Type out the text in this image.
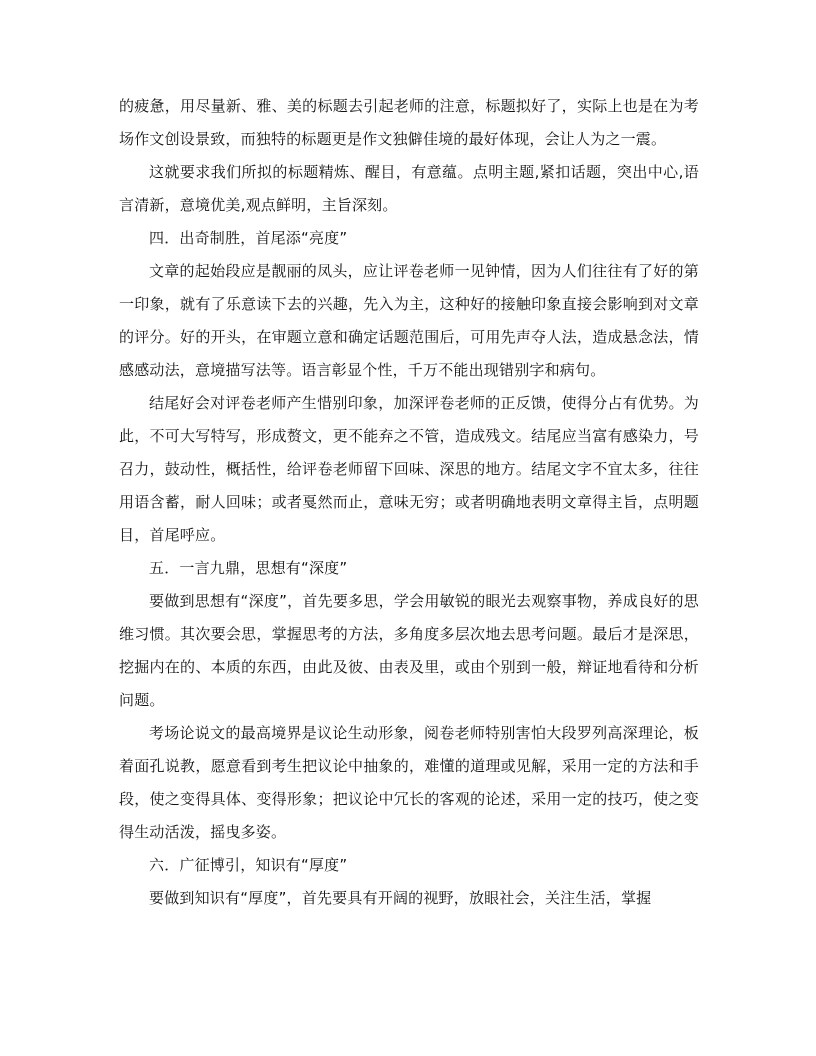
的疲惫，用尽量新、雅、美的标题去引起老师的注意，标题拟好了，实际上也是在为考场作文创设景致，而独特的标题更是作文独僻佳境的最好体现，会让人为之一震。

这就要求我们所拟的标题精炼、醒目，有意蕴。点明主题,紧扣话题，突出中心,语言清新，意境优美,观点鲜明，主旨深刻。

四．出奇制胜，首尾添“亮度”

文章的起始段应是靓丽的凤头，应让评卷老师一见钟情，因为人们往往有了好的第一印象，就有了乐意读下去的兴趣，先入为主，这种好的接触印象直接会影响到对文章的评分。好的开头，在审题立意和确定话题范围后，可用先声夺人法，造成悬念法，情感感动法，意境描写法等。语言彰显个性，千万不能出现错别字和病句。

结尾好会对评卷老师产生惜别印象，加深评卷老师的正反馈，使得分占有优势。为此，不可大写特写，形成赘文，更不能弃之不管，造成残文。结尾应当富有感染力，号召力，鼓动性，概括性，给评卷老师留下回味、深思的地方。结尾文字不宜太多，往往用语含蓄，耐人回味；或者戛然而止，意味无穷；或者明确地表明文章得主旨，点明题目，首尾呼应。

五．一言九鼎，思想有“深度”

要做到思想有“深度”，首先要多思，学会用敏锐的眼光去观察事物，养成良好的思维习惯。其次要会思，掌握思考的方法，多角度多层次地去思考问题。最后才是深思，挖掘内在的、本质的东西，由此及彼、由表及里，或由个别到一般，辩证地看待和分析问题。

考场论说文的最高境界是议论生动形象，阅卷老师特别害怕大段罗列高深理论，板着面孔说教，愿意看到考生把议论中抽象的，难懂的道理或见解，采用一定的方法和手段，使之变得具体、变得形象；把议论中冗长的客观的论述，采用一定的技巧，使之变得生动活泼，摇曳多姿。

六．广征博引，知识有“厚度”

要做到知识有“厚度”，首先要具有开阔的视野，放眼社会，关注生活，掌握
